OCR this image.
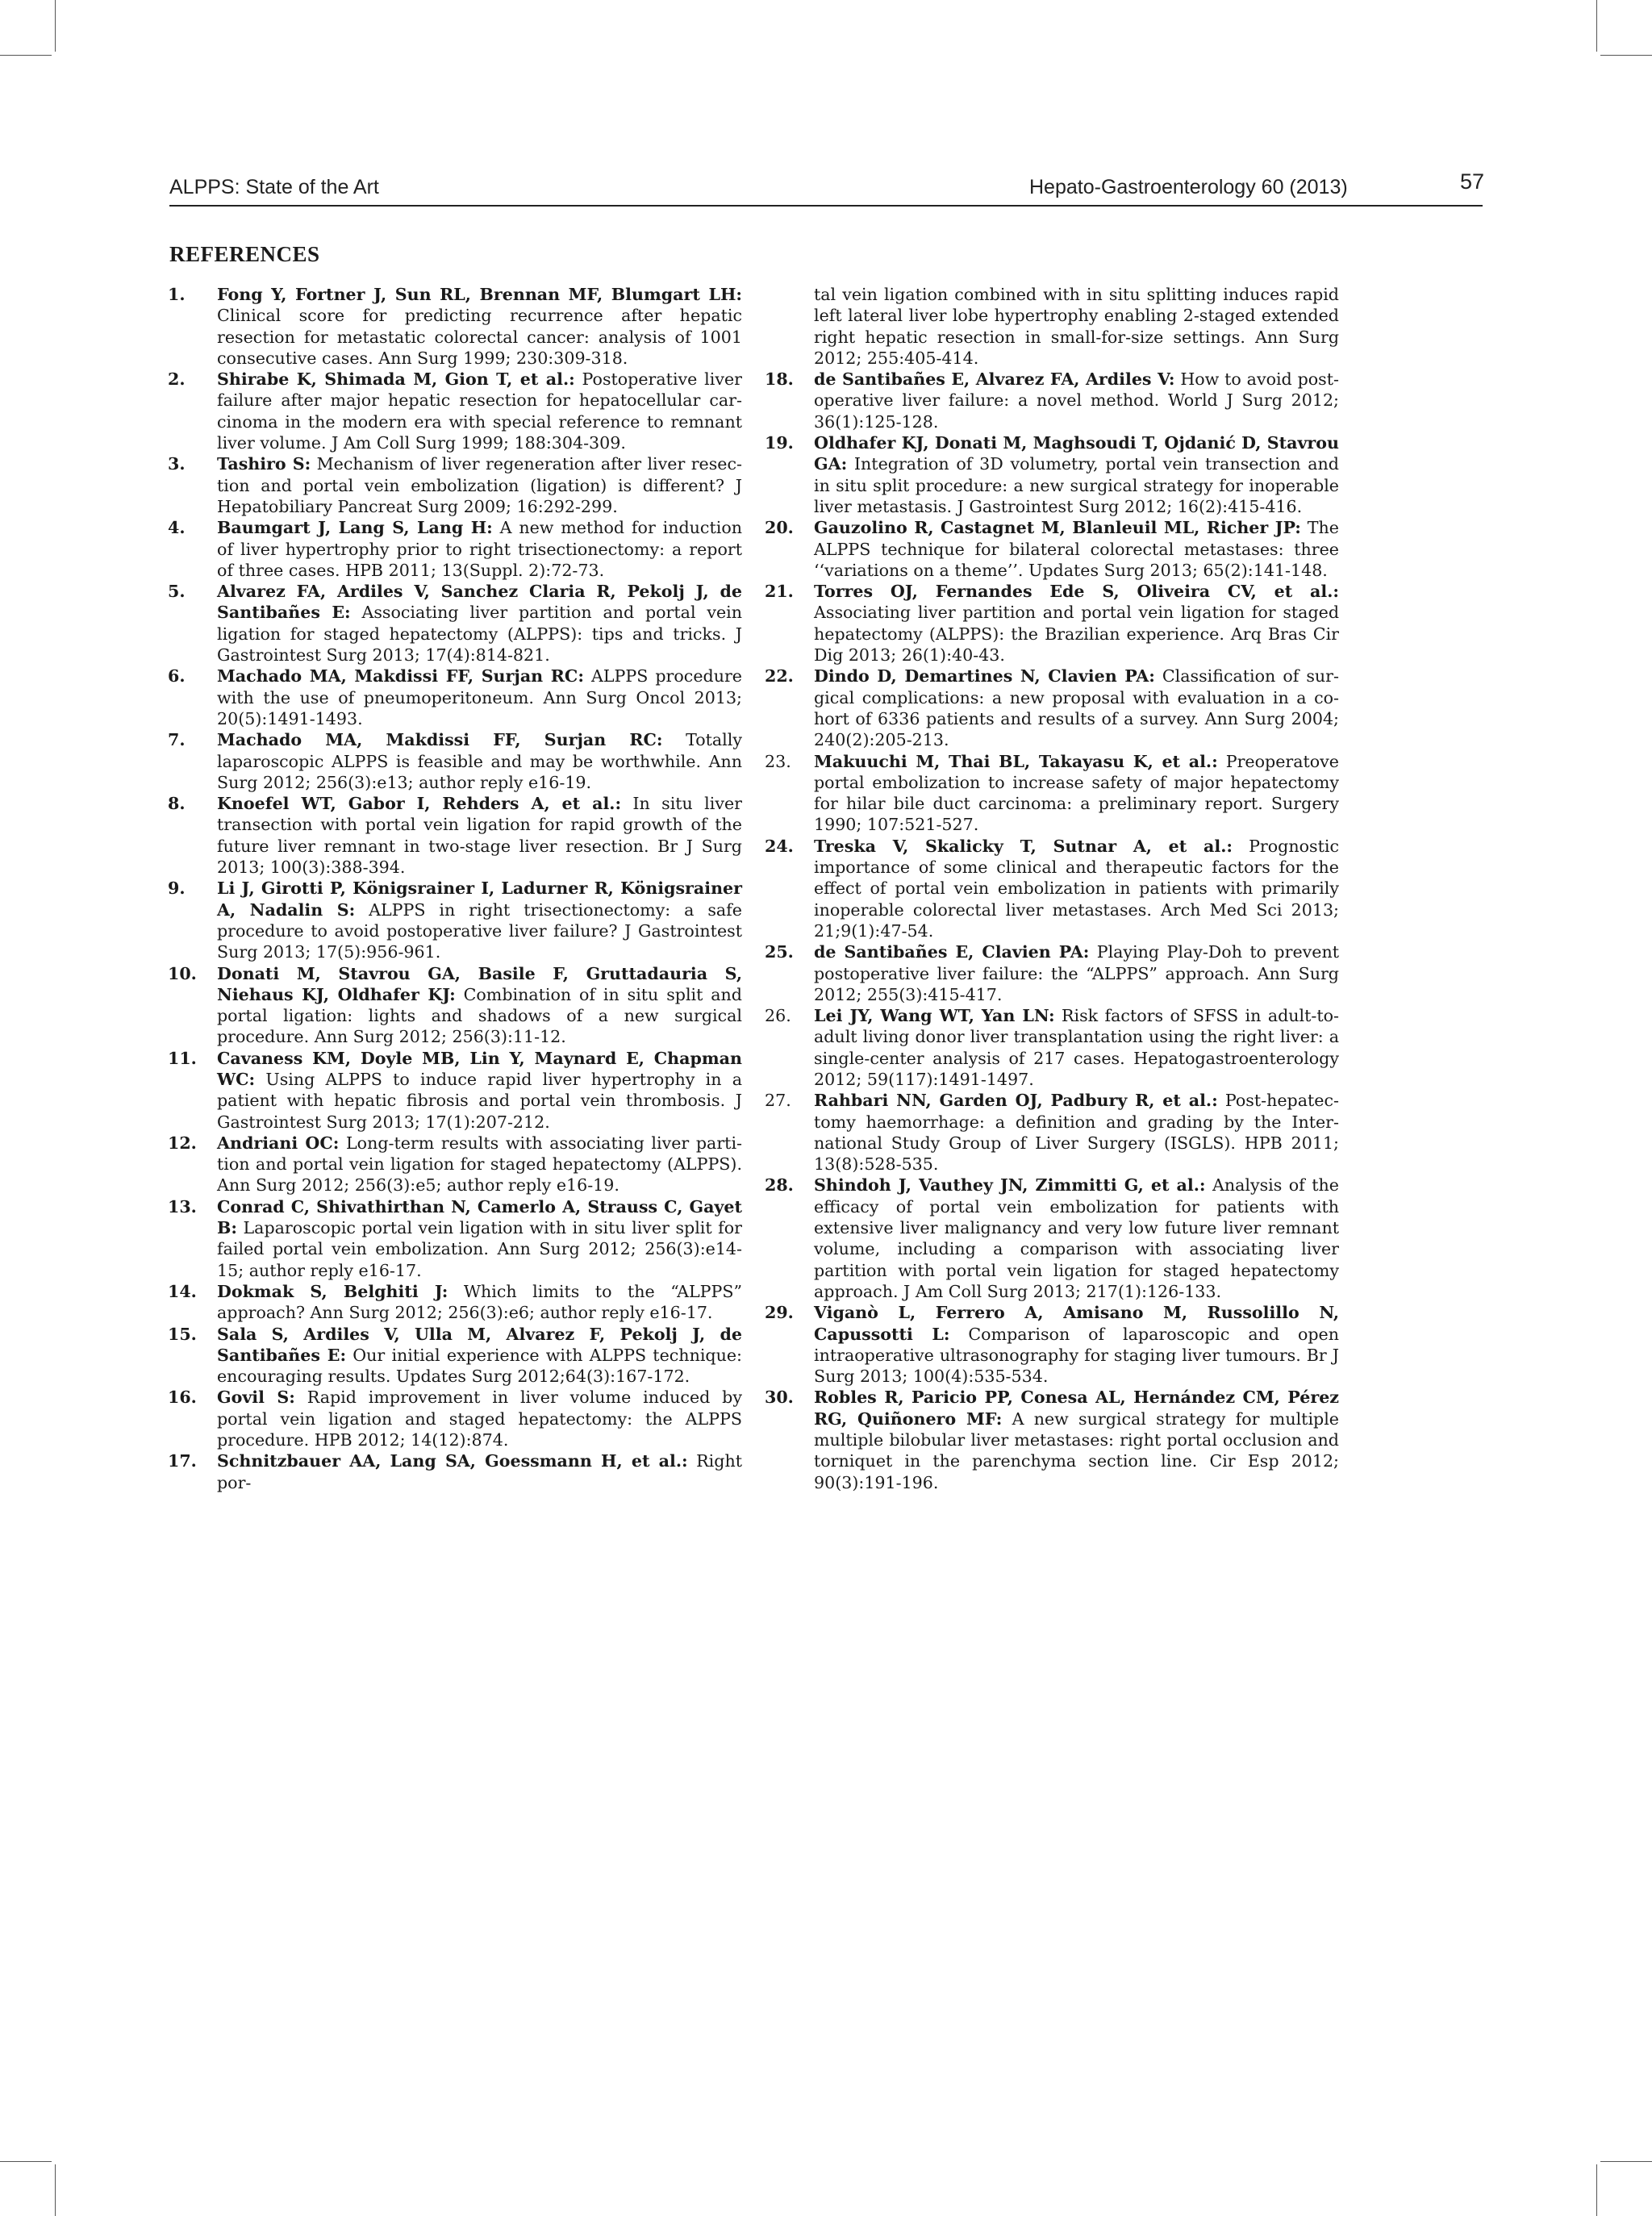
ALPPS: State of the Art	Hepato-Gastroenterology 60 (2013)	57
REFERENCES
1. Fong Y, Fortner J, Sun RL, Brennan MF, Blumgart LH: Clinical score for predicting recurrence after hepatic resection for metastatic colorectal cancer: analysis of 1001 consecutive cases. Ann Surg 1999; 230:309-318.
2. Shirabe K, Shimada M, Gion T, et al.: Postoperative liver failure after major hepatic resection for hepatocellular carcinoma in the modern era with special reference to remnant liver volume. J Am Coll Surg 1999; 188:304-309.
3. Tashiro S: Mechanism of liver regeneration after liver resection and portal vein embolization (ligation) is different? J Hepatobiliary Pancreat Surg 2009; 16:292-299.
4. Baumgart J, Lang S, Lang H: A new method for induction of liver hypertrophy prior to right trisectionectomy: a report of three cases. HPB 2011; 13(Suppl. 2):72-73.
5. Alvarez FA, Ardiles V, Sanchez Claria R, Pekolj J, de Santibañes E: Associating liver partition and portal vein ligation for staged hepatectomy (ALPPS): tips and tricks. J Gastrointest Surg 2013; 17(4):814-821.
6. Machado MA, Makdissi FF, Surjan RC: ALPPS procedure with the use of pneumoperitoneum. Ann Surg Oncol 2013; 20(5):1491-1493.
7. Machado MA, Makdissi FF, Surjan RC: Totally laparoscopic ALPPS is feasible and may be worthwhile. Ann Surg 2012; 256(3):e13; author reply e16-19.
8. Knoefel WT, Gabor I, Rehders A, et al.: In situ liver transection with portal vein ligation for rapid growth of the future liver remnant in two-stage liver resection. Br J Surg 2013; 100(3):388-394.
9. Li J, Girotti P, Königsrainer I, Ladurner R, Königsrainer A, Nadalin S: ALPPS in right trisectionectomy: a safe procedure to avoid postoperative liver failure? J Gastrointest Surg 2013; 17(5):956-961.
10. Donati M, Stavrou GA, Basile F, Gruttadauria S, Niehaus KJ, Oldhafer KJ: Combination of in situ split and portal ligation: lights and shadows of a new surgical procedure. Ann Surg 2012; 256(3):11-12.
11. Cavaness KM, Doyle MB, Lin Y, Maynard E, Chapman WC: Using ALPPS to induce rapid liver hypertrophy in a patient with hepatic fibrosis and portal vein thrombosis. J Gastrointest Surg 2013; 17(1):207-212.
12. Andriani OC: Long-term results with associating liver partition and portal vein ligation for staged hepatectomy (ALPPS). Ann Surg 2012; 256(3):e5; author reply e16-19.
13. Conrad C, Shivathirthan N, Camerlo A, Strauss C, Gayet B: Laparoscopic portal vein ligation with in situ liver split for failed portal vein embolization. Ann Surg 2012; 256(3):e14-15; author reply e16-17.
14. Dokmak S, Belghiti J: Which limits to the “ALPPS” approach? Ann Surg 2012; 256(3):e6; author reply e16-17.
15. Sala S, Ardiles V, Ulla M, Alvarez F, Pekolj J, de Santibañes E: Our initial experience with ALPPS technique: encouraging results. Updates Surg 2012;64(3):167-172.
16. Govil S: Rapid improvement in liver volume induced by portal vein ligation and staged hepatectomy: the ALPPS procedure. HPB 2012; 14(12):874.
17. Schnitzbauer AA, Lang SA, Goessmann H, et al.: Right por-
tal vein ligation combined with in situ splitting induces rapid left lateral liver lobe hypertrophy enabling 2-staged extended right hepatic resection in small-for-size settings. Ann Surg 2012; 255:405-414.
18. de Santibañes E, Alvarez FA, Ardiles V: How to avoid postoperative liver failure: a novel method. World J Surg 2012; 36(1):125-128.
19. Oldhafer KJ, Donati M, Maghsoudi T, Ojdanić D, Stavrou GA: Integration of 3D volumetry, portal vein transection and in situ split procedure: a new surgical strategy for inoperable liver metastasis. J Gastrointest Surg 2012; 16(2):415-416.
20. Gauzolino R, Castagnet M, Blanleuil ML, Richer JP: The ALPPS technique for bilateral colorectal metastases: three ‘‘variations on a theme’’. Updates Surg 2013; 65(2):141-148.
21. Torres OJ, Fernandes Ede S, Oliveira CV, et al.: Associating liver partition and portal vein ligation for staged hepatectomy (ALPPS): the Brazilian experience. Arq Bras Cir Dig 2013; 26(1):40-43.
22. Dindo D, Demartines N, Clavien PA: Classification of surgical complications: a new proposal with evaluation in a cohort of 6336 patients and results of a survey. Ann Surg 2004; 240(2):205-213.
23. Makuuchi M, Thai BL, Takayasu K, et al.: Preoperatove portal embolization to increase safety of major hepatectomy for hilar bile duct carcinoma: a preliminary report. Surgery 1990; 107:521-527.
24. Treska V, Skalicky T, Sutnar A, et al.: Prognostic importance of some clinical and therapeutic factors for the effect of portal vein embolization in patients with primarily inoperable colorectal liver metastases. Arch Med Sci 2013; 21;9(1):47-54.
25. de Santibañes E, Clavien PA: Playing Play-Doh to prevent postoperative liver failure: the “ALPPS” approach. Ann Surg 2012; 255(3):415-417.
26. Lei JY, Wang WT, Yan LN: Risk factors of SFSS in adult-to-adult living donor liver transplantation using the right liver: a single-center analysis of 217 cases. Hepatogastroenterology 2012; 59(117):1491-1497.
27. Rahbari NN, Garden OJ, Padbury R, et al.: Post-hepatectomy haemorrhage: a definition and grading by the International Study Group of Liver Surgery (ISGLS). HPB 2011; 13(8):528-535.
28. Shindoh J, Vauthey JN, Zimmitti G, et al.: Analysis of the efficacy of portal vein embolization for patients with extensive liver malignancy and very low future liver remnant volume, including a comparison with associating liver partition with portal vein ligation for staged hepatectomy approach. J Am Coll Surg 2013; 217(1):126-133.
29. Viganò L, Ferrero A, Amisano M, Russolillo N, Capussotti L: Comparison of laparoscopic and open intraoperative ultrasonography for staging liver tumours. Br J Surg 2013; 100(4):535-534.
30. Robles R, Paricio PP, Conesa AL, Hernández CM, Pérez RG, Quiñonero MF: A new surgical strategy for multiple multiple bilobular liver metastases: right portal occlusion and torniquet in the parenchyma section line. Cir Esp 2012; 90(3):191-196.
